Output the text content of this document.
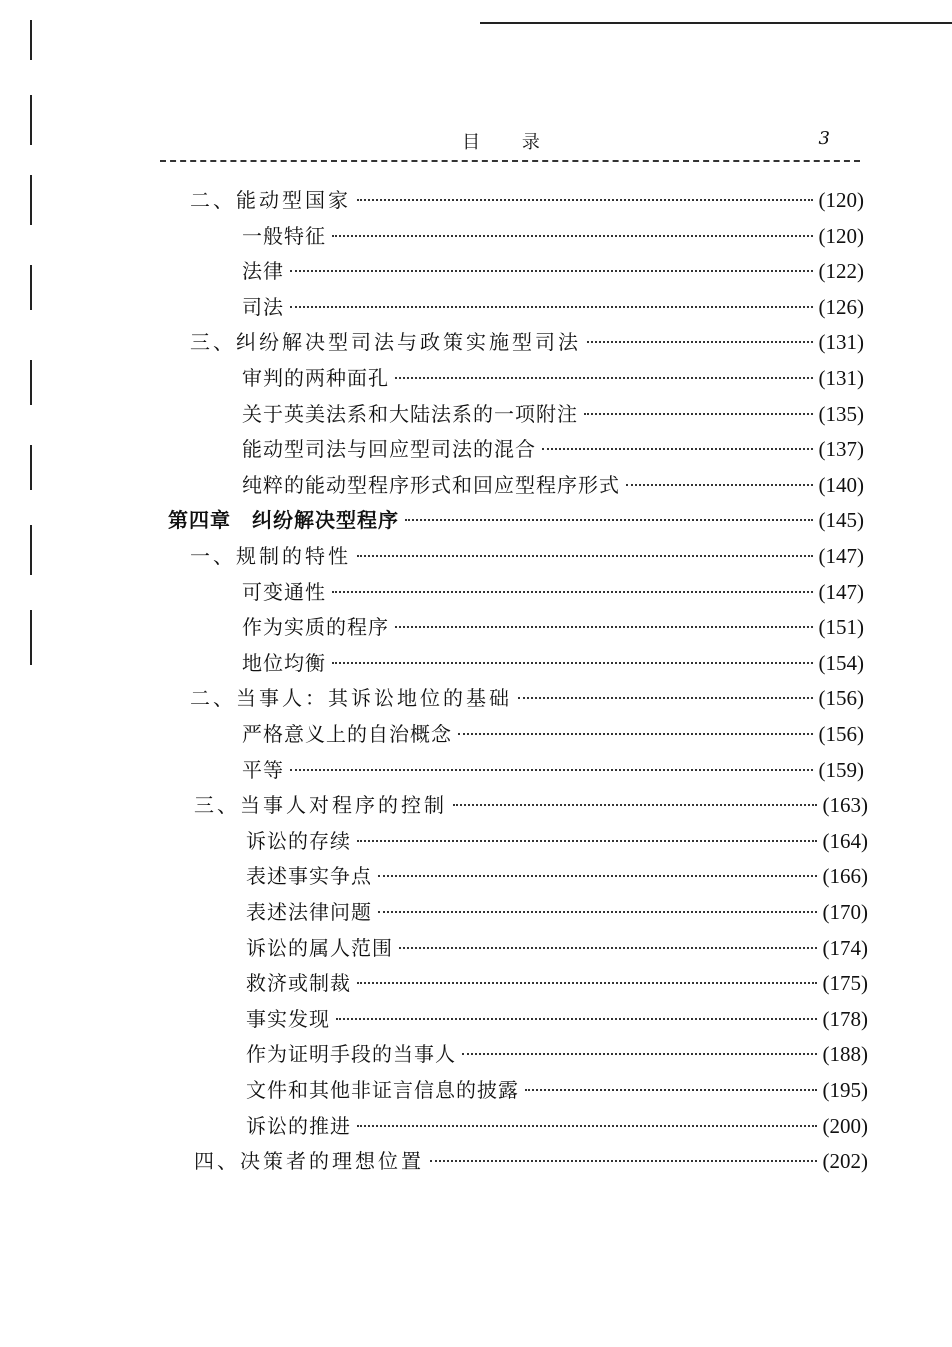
目 录	3
二、能动型国家	(120)
一般特征	(120)
法律	(122)
司法	(126)
三、纠纷解决型司法与政策实施型司法	(131)
审判的两种面孔	(131)
关于英美法系和大陆法系的一项附注	(135)
能动型司法与回应型司法的混合	(137)
纯粹的能动型程序形式和回应型程序形式	(140)
第四章　纠纷解决型程序	(145)
一、规制的特性	(147)
可变通性	(147)
作为实质的程序	(151)
地位均衡	(154)
二、当事人：其诉讼地位的基础	(156)
严格意义上的自治概念	(156)
平等	(159)
三、当事人对程序的控制	(163)
诉讼的存续	(164)
表述事实争点	(166)
表述法律问题	(170)
诉讼的属人范围	(174)
救济或制裁	(175)
事实发现	(178)
作为证明手段的当事人	(188)
文件和其他非证言信息的披露	(195)
诉讼的推进	(200)
四、决策者的理想位置	(202)
